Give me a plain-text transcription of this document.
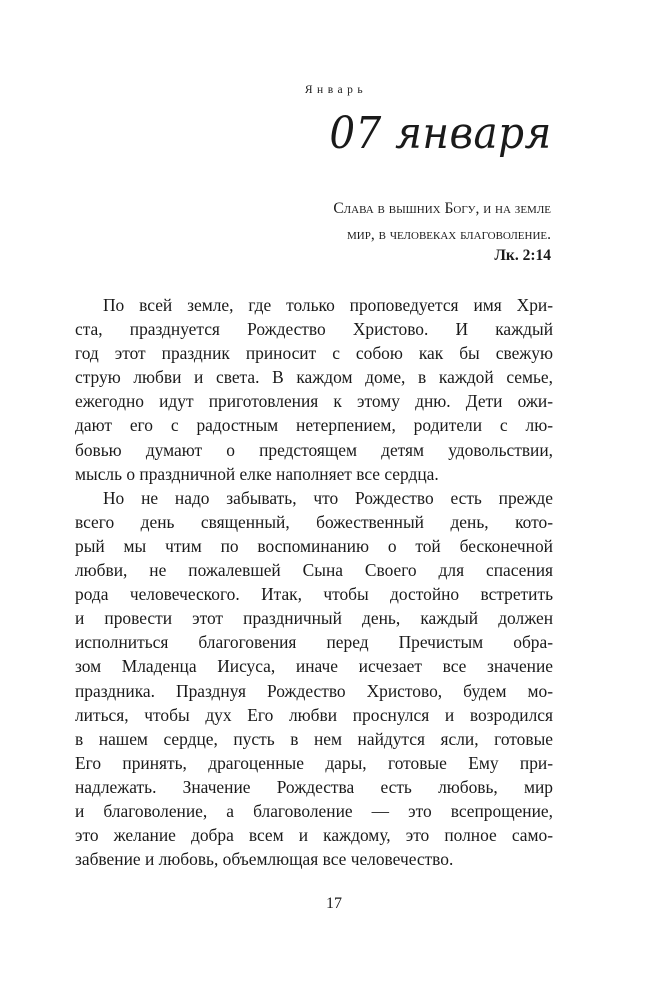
Январь
07 января
Слава в вышних Богу, и на земле
мир, в человеках благоволение.
Лк. 2:14
По всей земле, где только проповедуется имя Хри-
ста, празднуется Рождество Христово. И каждый
год этот праздник приносит с собою как бы свежую
струю любви и света. В каждом доме, в каждой семье,
ежегодно идут приготовления к этому дню. Дети ожи-
дают его с радостным нетерпением, родители с лю-
бовью думают о предстоящем детям удовольствии,
мысль о праздничной елке наполняет все сердца.
Но не надо забывать, что Рождество есть прежде
всего день священный, божественный день, кото-
рый мы чтим по воспоминанию о той бесконечной
любви, не пожалевшей Сына Своего для спасения
рода человеческого. Итак, чтобы достойно встретить
и провести этот праздничный день, каждый должен
исполниться благоговения перед Пречистым обра-
зом Младенца Иисуса, иначе исчезает все значение
праздника. Празднуя Рождество Христово, будем мо-
литься, чтобы дух Его любви проснулся и возродился
в нашем сердце, пусть в нем найдутся ясли, готовые
Его принять, драгоценные дары, готовые Ему при-
надлежать. Значение Рождества есть любовь, мир
и благоволение, а благоволение — это всепрощение,
это желание добра всем и каждому, это полное само-
забвение и любовь, объемлющая все человечество.
17
